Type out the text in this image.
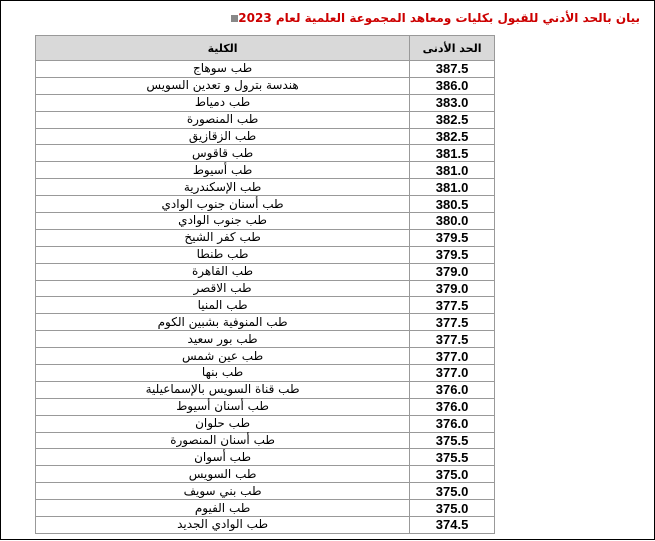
بيان بالحد الأدني للقبول بكليات ومعاهد المجموعة العلمية لعام 2023
الكلية	الحد الأدنى
طب سوهاج	387.5
هندسة بترول و تعدين السويس	386.0
طب دمياط	383.0
طب المنصورة	382.5
طب الزقازيق	382.5
طب قاقوس	381.5
طب أسيوط	381.0
طب الإسكندرية	381.0
طب أسنان جنوب الوادي	380.5
طب جنوب الوادي	380.0
طب كفر الشيخ	379.5
طب طنطا	379.5
طب القاهرة	379.0
طب الاقصر	379.0
طب المنيا	377.5
طب المنوفية بشبين الكوم	377.5
طب بور سعيد	377.5
طب عين شمس	377.0
طب بنها	377.0
طب قناة السويس بالإسماعيلية	376.0
طب أسنان أسيوط	376.0
طب حلوان	376.0
طب أسنان المنصورة	375.5
طب أسوان	375.5
طب السويس	375.0
طب بني سويف	375.0
طب الفيوم	375.0
طب الوادي الجديد	374.5
